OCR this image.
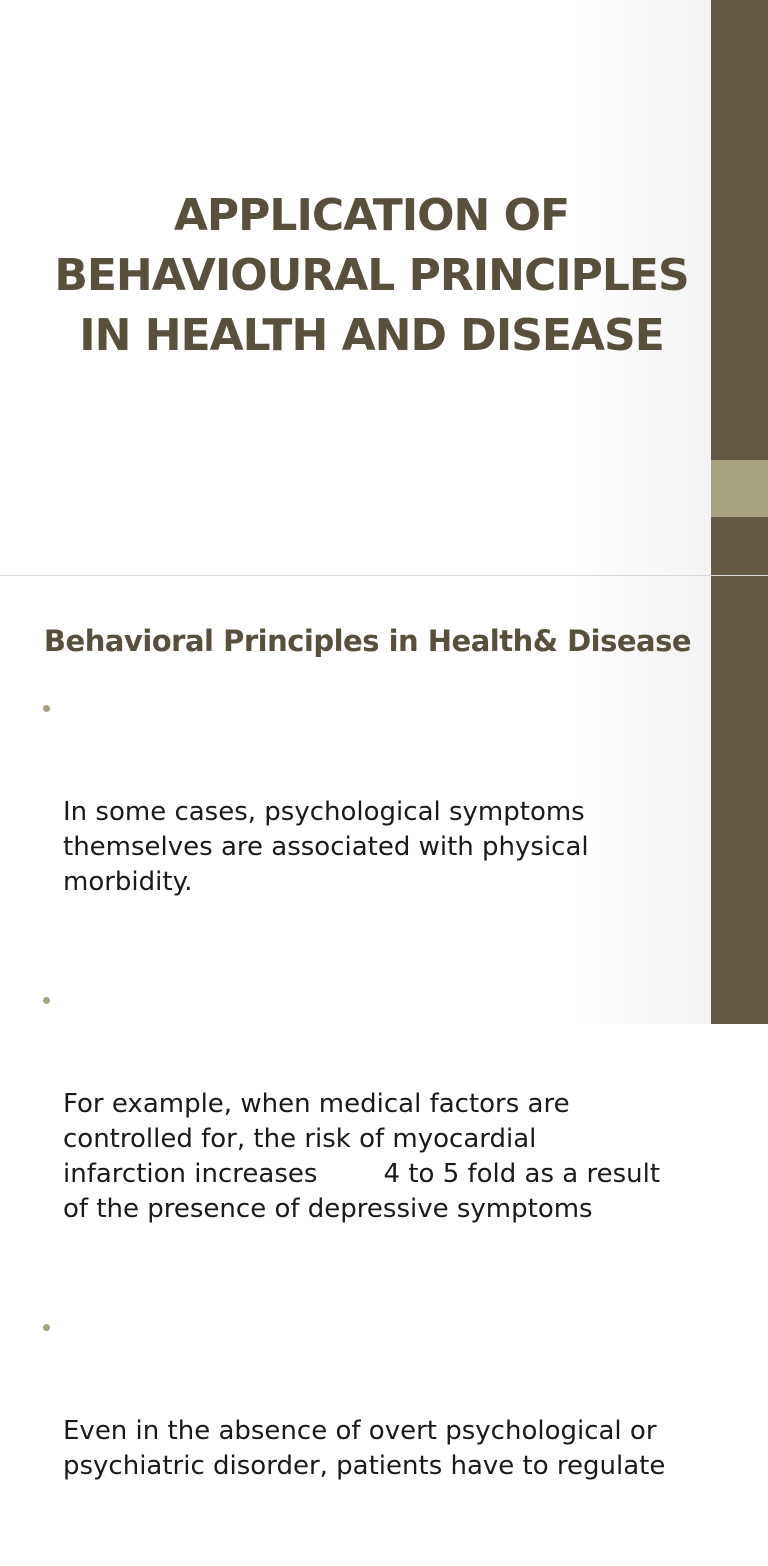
APPLICATION OF
BEHAVIOURAL PRINCIPLES
IN HEALTH AND DISEASE
Behavioral Principles in Health& Disease

In some cases, psychological symptoms
themselves are associated with physical
morbidity.

For example, when medical factors are
controlled for, the risk of myocardial
infarction increases        4 to 5 fold as a result
of the presence of depressive symptoms

Even in the absence of overt psychological or
psychiatric disorder, patients have to regulate
